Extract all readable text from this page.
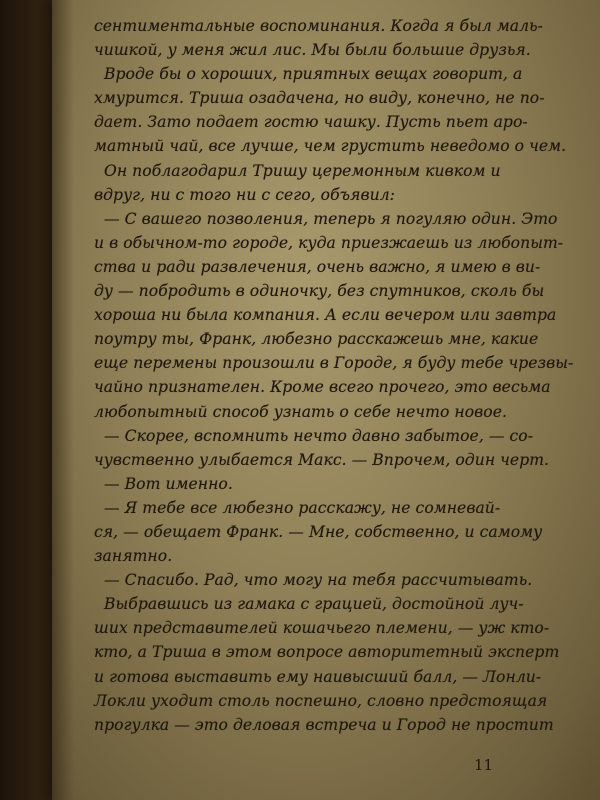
сентиментальные воспоминания. Когда я был маль-
чишкой, у меня жил лис. Мы были большие друзья.
Вроде бы о хороших, приятных вещах говорит, а
хмурится. Триша озадачена, но виду, конечно, не по-
дает. Зато подает гостю чашку. Пусть пьет аро-
матный чай, все лучше, чем грустить неведомо о чем.
Он поблагодарил Тришу церемонным кивком и
вдруг, ни с того ни с сего, объявил:
— С вашего позволения, теперь я погуляю один. Это
и в обычном-то городе, куда приезжаешь из любопыт-
ства и ради развлечения, очень важно, я имею в ви-
ду — побродить в одиночку, без спутников, сколь бы
хороша ни была компания. А если вечером или завтра
поутру ты, Франк, любезно расскажешь мне, какие
еще перемены произошли в Городе, я буду тебе чрезвы-
чайно признателен. Кроме всего прочего, это весьма
любопытный способ узнать о себе нечто новое.
— Скорее, вспомнить нечто давно забытое, — со-
чувственно улыбается Макс. — Впрочем, один черт.
— Вот именно.
— Я тебе все любезно расскажу, не сомневай-
ся, — обещает Франк. — Мне, собственно, и самому
занятно.
— Спасибо. Рад, что могу на тебя рассчитывать.
Выбравшись из гамака с грацией, достойной луч-
ших представителей кошачьего племени, — уж кто-
кто, а Триша в этом вопросе авторитетный эксперт
и готова выставить ему наивысший балл, — Лонли-
Локли уходит столь поспешно, словно предстоящая
прогулка — это деловая встреча и Город не простит
11
